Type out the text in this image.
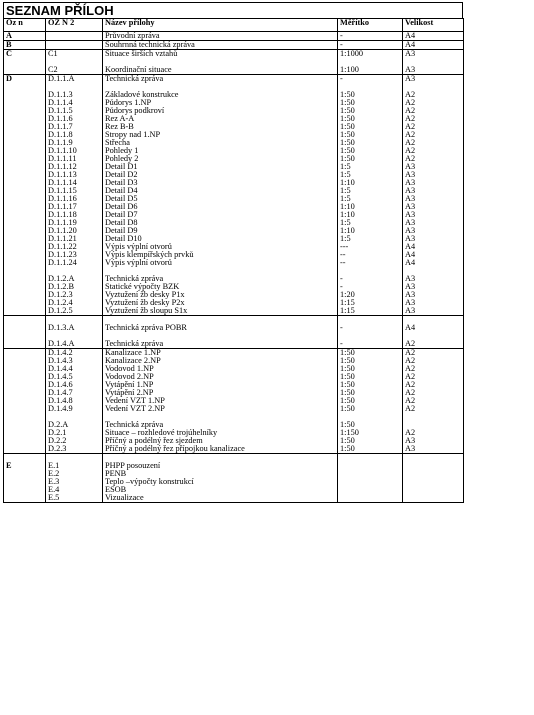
SEZNAM PŘÍLOH
Oz n	OZ N 2	Název přílohy	Měřítko	Velikost
A		Průvodní zpráva	-	A4
B		Souhrnná technická zpráva	-	A4
C	C1	Situace širších vztahů	1:1000	A3

	C2	Koordinační situace	1:100	A3
D	D.1.1.A	Technická zpráva	-	A3

	D.1.1.3	Základové konstrukce	1:50	A2
	D.1.1.4	Půdorys 1.NP	1:50	A2
	D.1.1.5	Půdorys podkroví	1:50	A2
	D.1.1.6	Řez A-A	1:50	A2
	D.1.1.7	Řez B-B	1:50	A2
	D.1.1.8	Stropy nad 1.NP	1:50	A2
	D.1.1.9	Střecha	1:50	A2
	D.1.1.10	Pohledy 1	1:50	A2
	D.1.1.11	Pohledy 2	1:50	A2
	D.1.1.12	Detail D1	1:5	A3
	D.1.1.13	Detail D2	1:5	A3
	D.1.1.14	Detail D3	1:10	A3
	D.1.1.15	Detail D4	1:5	A3
	D.1.1.16	Detail D5	1:5	A3
	D.1.1.17	Detail D6	1:10	A3
	D.1.1.18	Detail D7	1:10	A3
	D.1.1.19	Detail D8	1:5	A3
	D.1.1.20	Detail D9	1:10	A3
	D.1.1.21	Detail D10	1:5	A3
	D.1.1.22	Výpis výplní otvorů	---	A4
	D.1.1.23	Výpis klempířských prvků	--	A4
	D.1.1.24	Výpis výplní otvorů	--	A4

	D.1.2.A	Technická zpráva	-	A3
	D.1.2.B	Statické výpočty BZK	-	A3
	D.1.2.3	Vyztužení žb desky P1x	1:20	A3
	D.1.2.4	Vyztužení žb desky P2x	1:15	A3
	D.1.2.5	Vyztužení žb sloupu S1x	1:15	A3

	D.1.3.A	Technická zpráva POBŘ	-	A4

	D.1.4.A	Technická zpráva	-	A2
	D.1.4.2	Kanalizace 1.NP	1:50	A2
	D.1.4.3	Kanalizace 2.NP	1:50	A2
	D.1.4.4	Vodovod 1.NP	1:50	A2
	D.1.4.5	Vodovod 2.NP	1:50	A2
	D.1.4.6	Vytápění 1.NP	1:50	A2
	D.1.4.7	Vytápění 2.NP	1:50	A2
	D.1.4.8	Vedení VZT 1.NP	1:50	A2
	D.1.4.9	Vedení VZT 2.NP	1:50	A2

	D.2.A	Technická zpráva	1:50	
	D.2.1	Situace – rozhledové trojúhelníky	1:150	A2
	D.2.2	Příčný a podélný řez sjezdem	1:50	A3
	D.2.3	Příčný a podélný řez přípojkou kanalizace	1:50	A3

E	E.1	PHPP posouzení		
	E.2	PENB		
	E.3	Teplo –výpočty konstrukcí		
	E.4	EŠOB		
	E.5	Vizualizace		
